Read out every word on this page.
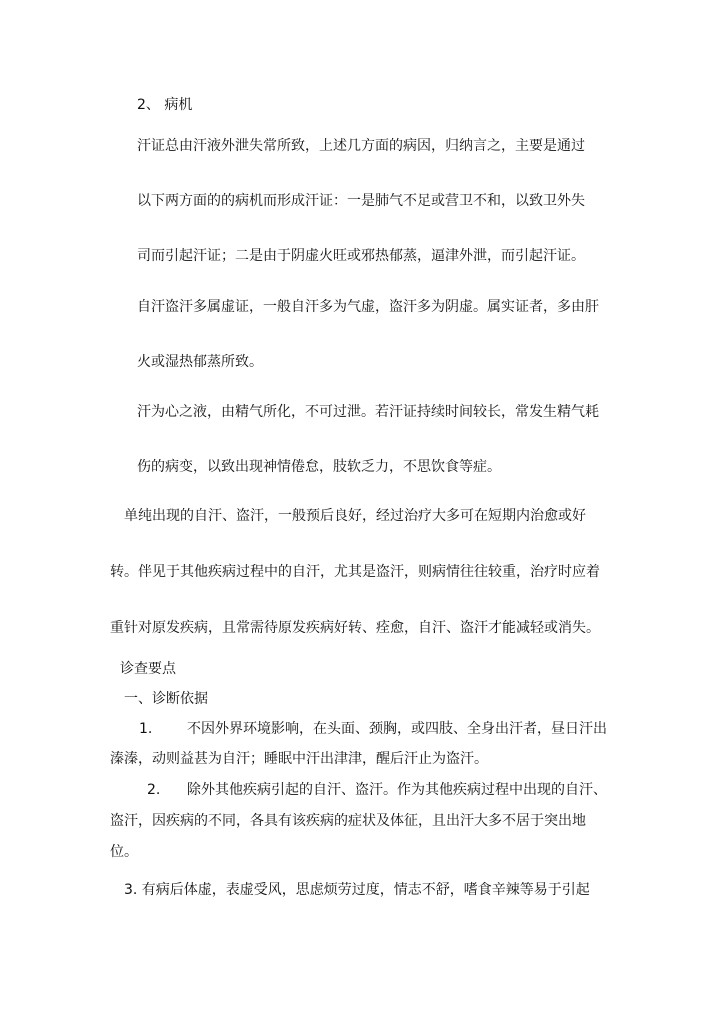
2、 病机
汗证总由汗液外泄失常所致，上述几方面的病因，归纳言之，主要是通过
以下两方面的的病机而形成汗证：一是肺气不足或营卫不和，以致卫外失
司而引起汗证；二是由于阴虚火旺或邪热郁蒸，逼津外泄，而引起汗证。
自汗盗汗多属虚证，一般自汗多为气虚，盗汗多为阴虚。属实证者，多由肝
火或湿热郁蒸所致。
汗为心之液，由精气所化，不可过泄。若汗证持续时间较长，常发生精气耗
伤的病变，以致出现神情倦怠，肢软乏力，不思饮食等症。
单纯出现的自汗、盗汗，一般预后良好，经过治疗大多可在短期内治愈或好
转。伴见于其他疾病过程中的自汗，尤其是盗汗，则病情往往较重，治疗时应着
重针对原发疾病，且常需待原发疾病好转、痊愈，自汗、盗汗才能减轻或消失。
诊查要点
一、诊断依据
1. 不因外界环境影响，在头面、颈胸，或四肢、全身出汗者，昼日汗出
溱溱，动则益甚为自汗；睡眠中汗出津津，醒后汗止为盗汗。
2. 除外其他疾病引起的自汗、盗汗。作为其他疾病过程中出现的自汗、
盗汗，因疾病的不同，各具有该疾病的症状及体征，且出汗大多不居于突出地
位。
3. 有病后体虚，表虚受风，思虑烦劳过度，情志不舒，嗜食辛辣等易于引起
